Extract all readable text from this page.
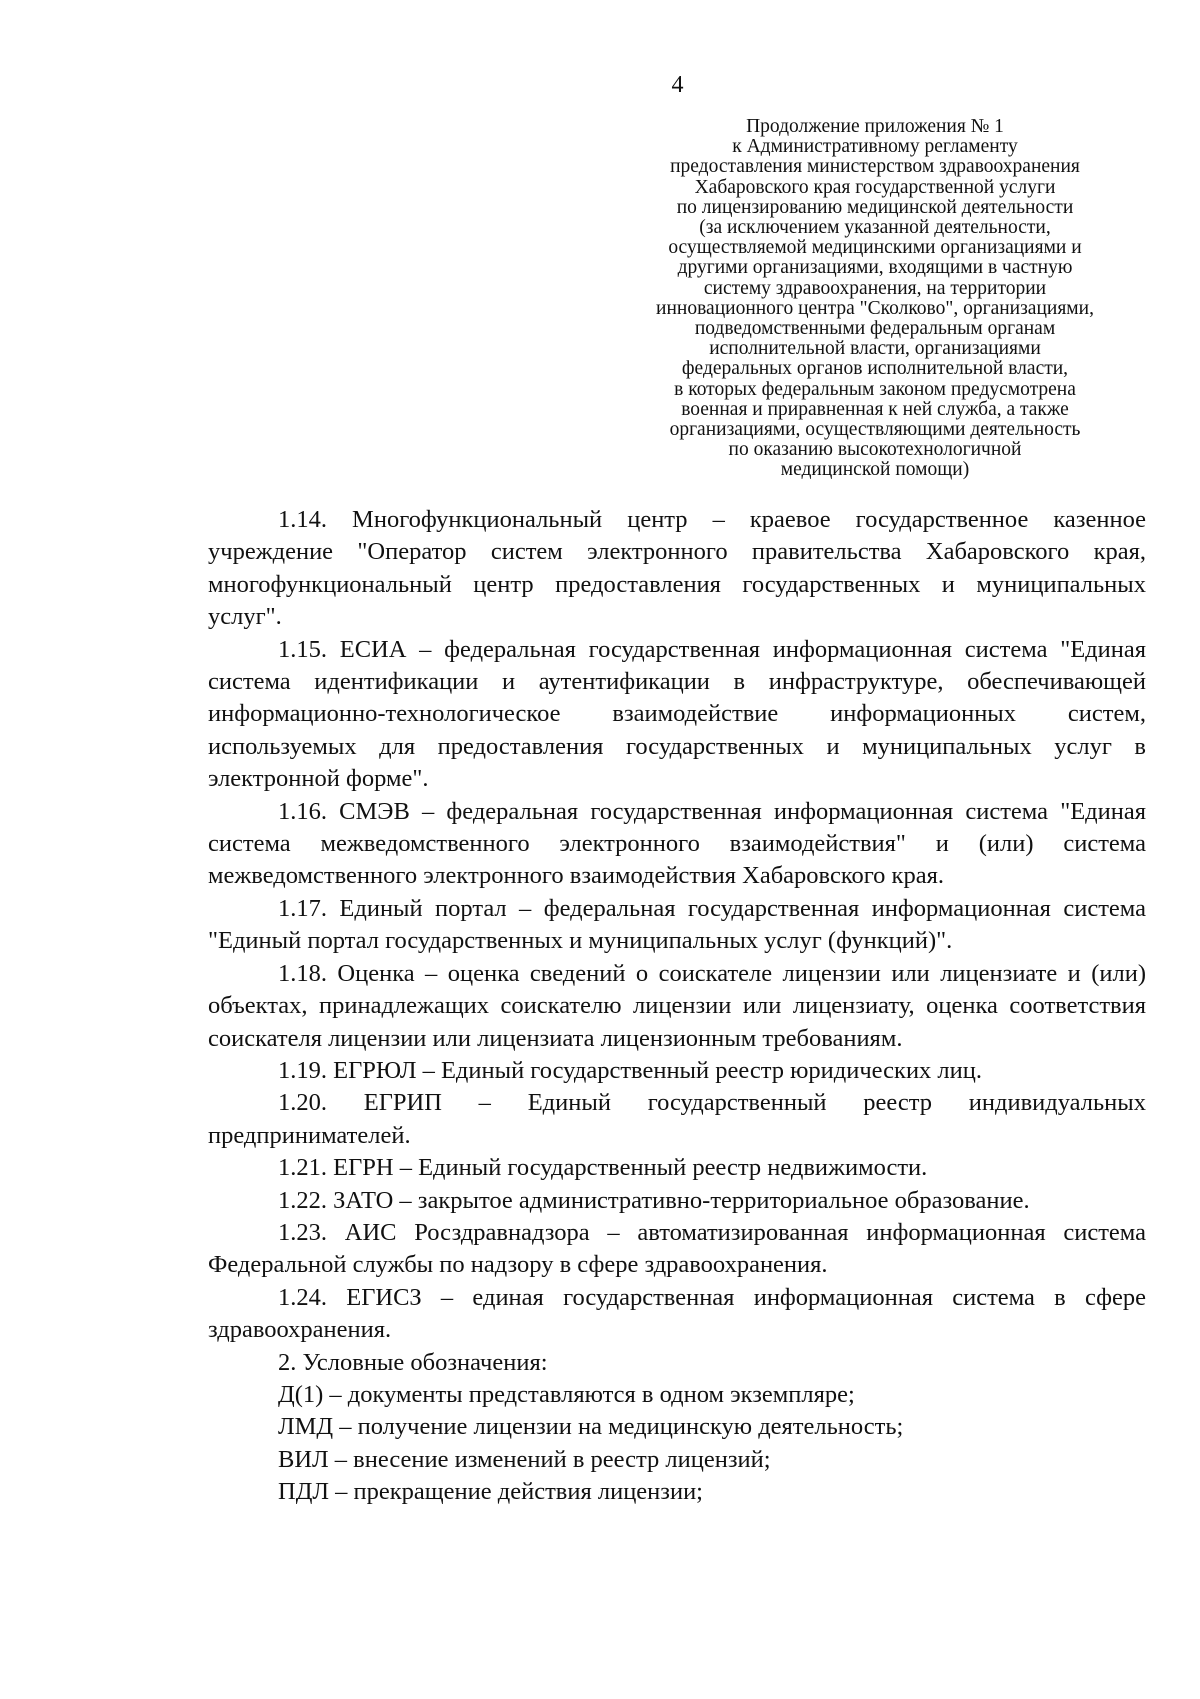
4
Продолжение приложения № 1
к Административному регламенту
предоставления министерством здравоохранения
Хабаровского края государственной услуги
по лицензированию медицинской деятельности
(за исключением указанной деятельности,
осуществляемой медицинскими организациями и
другими организациями, входящими в частную
систему здравоохранения, на территории
инновационного центра "Сколково", организациями,
подведомственными федеральным органам
исполнительной власти, организациями
федеральных органов исполнительной власти,
в которых федеральным законом предусмотрена
военная и приравненная к ней служба, а также
организациями, осуществляющими деятельность
по оказанию высокотехнологичной
медицинской помощи)

1.14. Многофункциональный центр – краевое государственное казенное учреждение "Оператор систем электронного правительства Хабаровского края, многофункциональный центр предоставления государственных и муниципальных услуг".

1.15. ЕСИА – федеральная государственная информационная система "Единая система идентификации и аутентификации в инфраструктуре, обеспечивающей информационно-технологическое взаимодействие информационных систем, используемых для предоставления государственных и муниципальных услуг в электронной форме".

1.16. СМЭВ – федеральная государственная информационная система "Единая система межведомственного электронного взаимодействия" и (или) система межведомственного электронного взаимодействия Хабаровского края.

1.17. Единый портал – федеральная государственная информационная система "Единый портал государственных и муниципальных услуг (функций)".

1.18. Оценка – оценка сведений о соискателе лицензии или лицензиате и (или) объектах, принадлежащих соискателю лицензии или лицензиату, оценка соответствия соискателя лицензии или лицензиата лицензионным требованиям.

1.19. ЕГРЮЛ – Единый государственный реестр юридических лиц.

1.20. ЕГРИП – Единый государственный реестр индивидуальных предпринимателей.

1.21. ЕГРН – Единый государственный реестр недвижимости.

1.22. ЗАТО – закрытое административно-территориальное образование.

1.23. АИС Росздравнадзора – автоматизированная информационная система Федеральной службы по надзору в сфере здравоохранения.

1.24. ЕГИСЗ – единая государственная информационная система в сфере здравоохранения.

2. Условные обозначения:

Д(1) – документы представляются в одном экземпляре;

ЛМД – получение лицензии на медицинскую деятельность;

ВИЛ – внесение изменений в реестр лицензий;

ПДЛ – прекращение действия лицензии;
